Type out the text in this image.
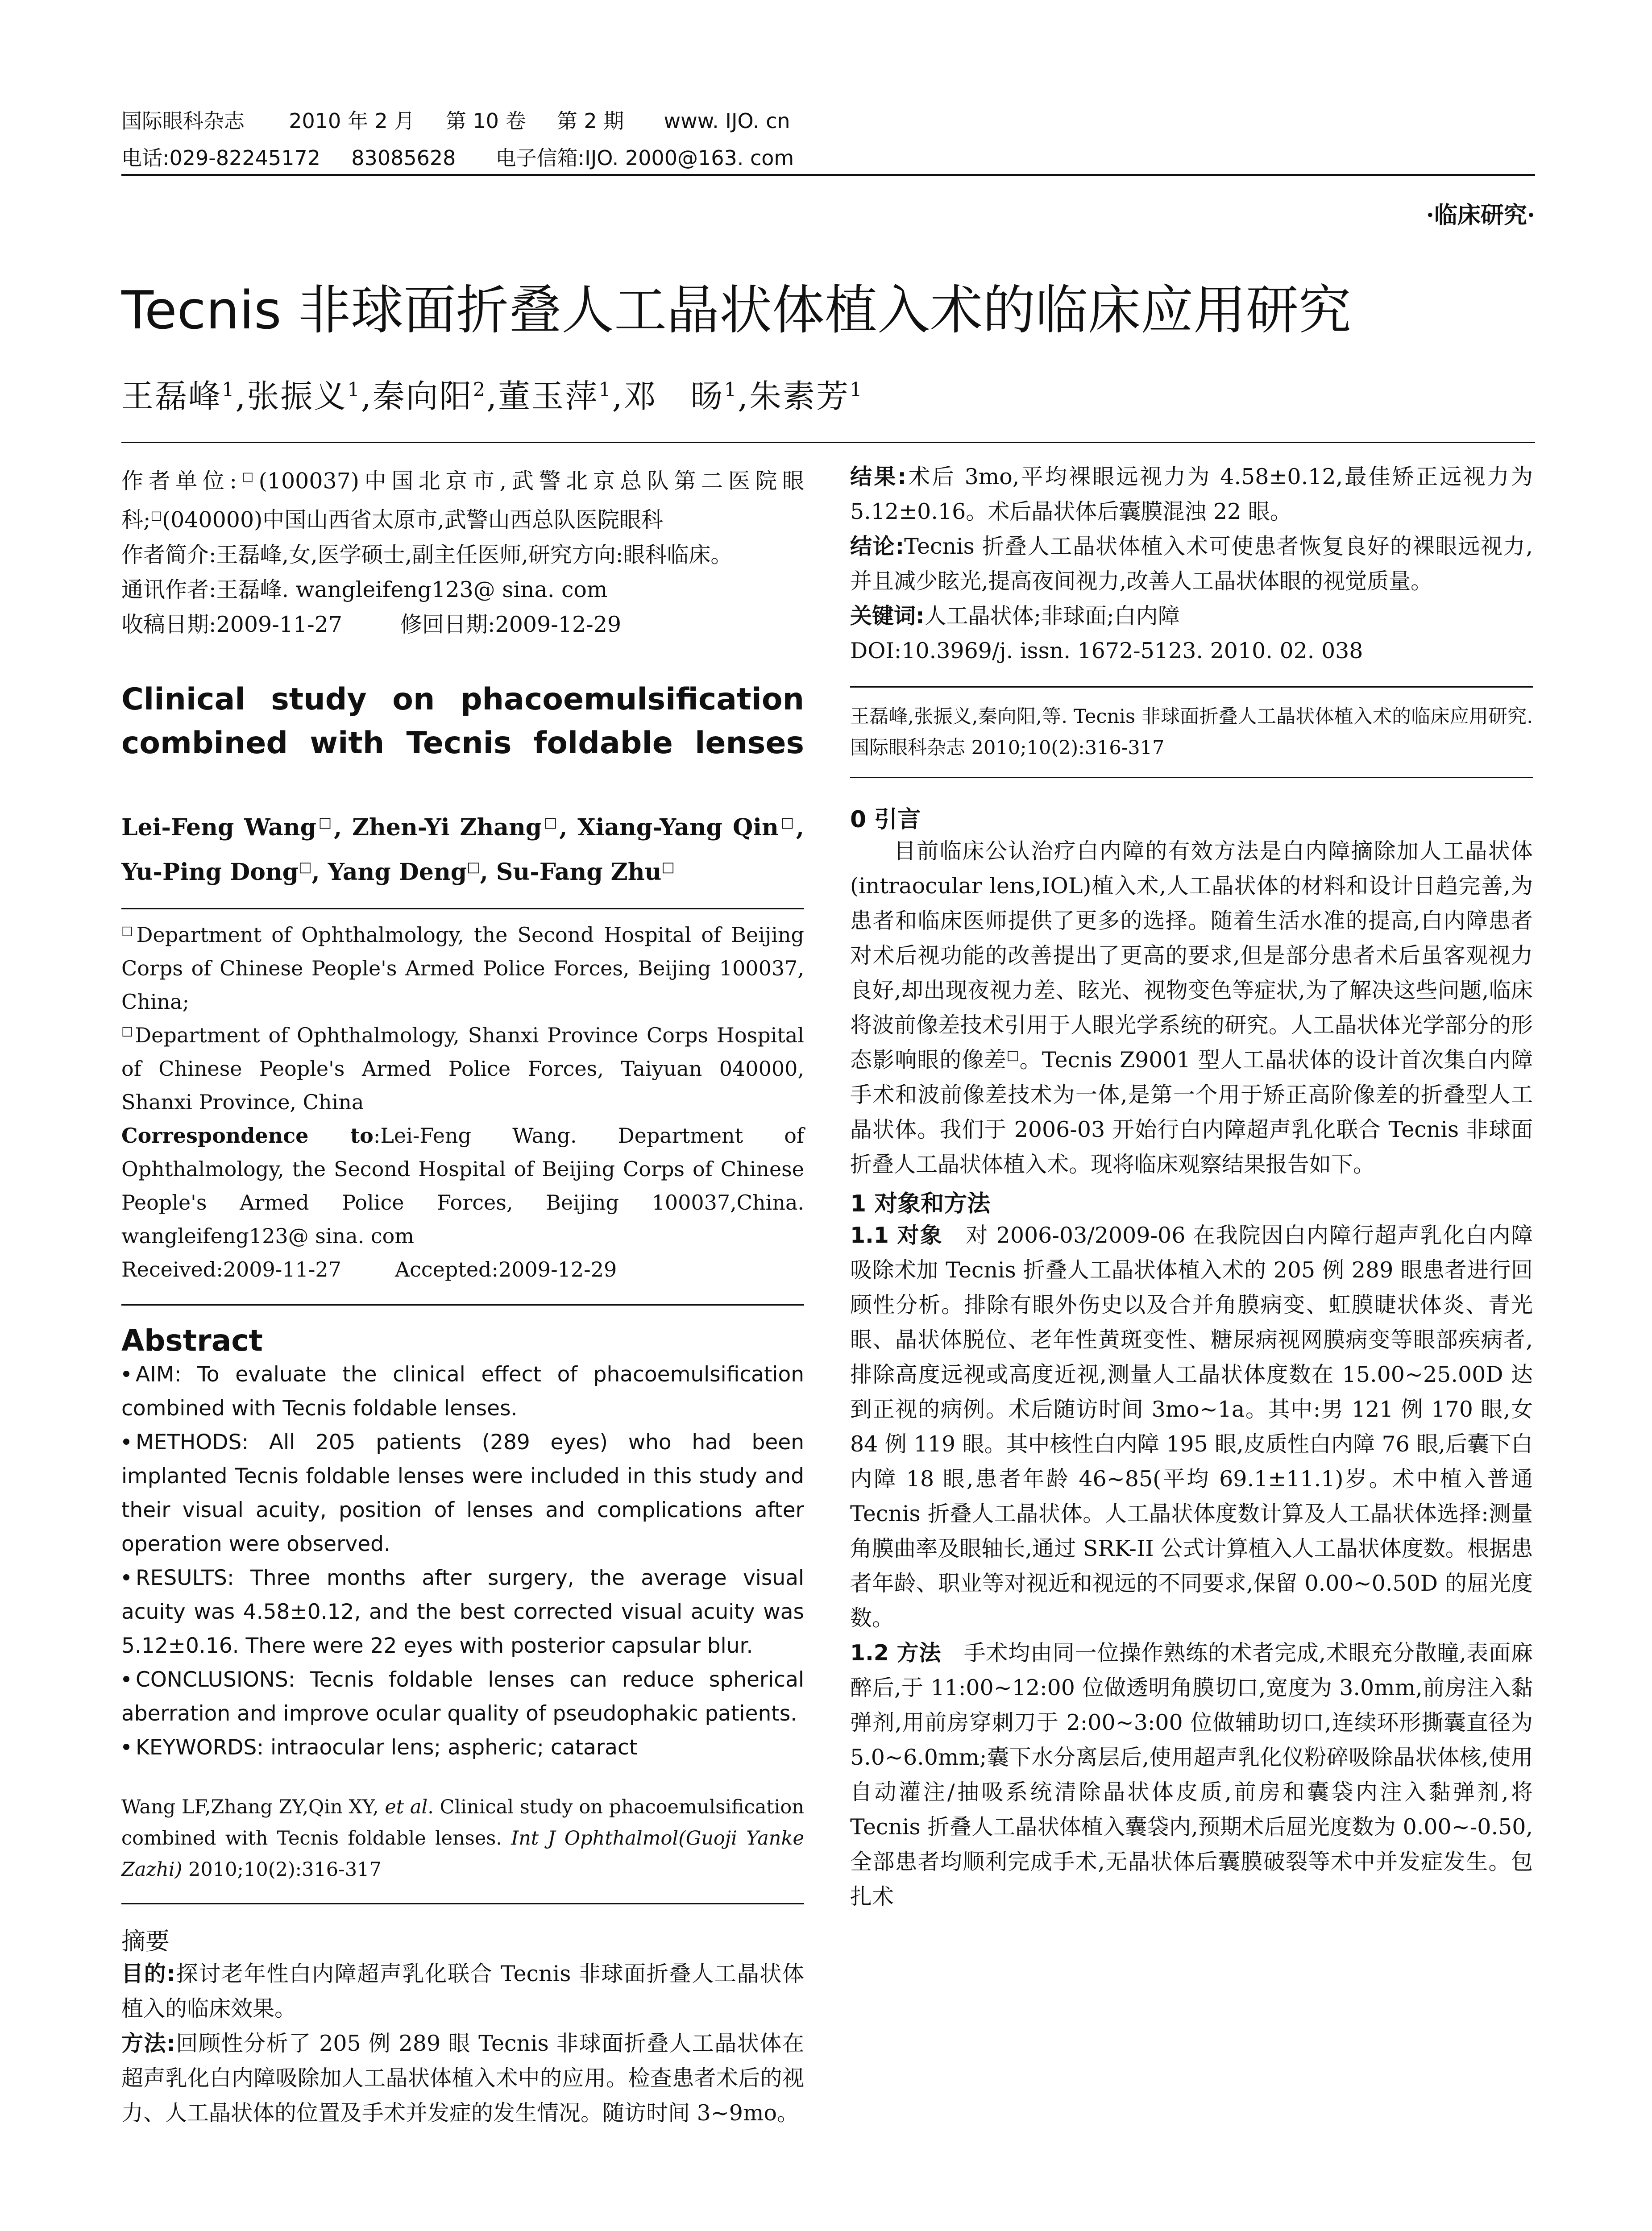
国际眼科杂志 2010 年 2 月 第 10 卷 第 2 期 www. IJO. cn
电话:029-82245172 83085628 电子信箱:IJO. 2000@163. com
·临床研究·
Tecnis 非球面折叠人工晶状体植入术的临床应用研究
王磊峰$^1$,张振义$^1$,秦向阳$^2$,董玉萍$^1$,邓　旸$^1$,朱素芳$^1$

作者单位:□(100037)中国北京市,武警北京总队第二医院眼科;□(040000)中国山西省太原市,武警山西总队医院眼科

作者简介:王磊峰,女,医学硕士,副主任医师,研究方向:眼科临床。

通讯作者:王磊峰. wangleifeng123@ sina. com

收稿日期:2009-11-27	修回日期:2009-12-29

Clinical study on phacoemulsification combined with Tecnis foldable lenses
Lei-Feng Wang□, Zhen-Yi Zhang□, Xiang-Yang Qin□, Yu-Ping Dong□, Yang Deng□, Su-Fang Zhu□

□Department of Ophthalmology, the Second Hospital of Beijing Corps of Chinese People's Armed Police Forces, Beijing 100037, China;

□Department of Ophthalmology, Shanxi Province Corps Hospital of Chinese People's Armed Police Forces, Taiyuan 040000, Shanxi Province, China

Correspondence to:Lei-Feng Wang. Department of Ophthalmology, the Second Hospital of Beijing Corps of Chinese People's Armed Police Forces, Beijing 100037,China. wangleifeng123@ sina. com

Received:2009-11-27	Accepted:2009-12-29

Abstract

AIM: To evaluate the clinical effect of phacoemulsification combined with Tecnis foldable lenses.

METHODS: All 205 patients (289 eyes) who had been implanted Tecnis foldable lenses were included in this study and their visual acuity, position of lenses and complications after operation were observed.

RESULTS: Three months after surgery, the average visual acuity was 4.58±0.12, and the best corrected visual acuity was 5.12±0.16. There were 22 eyes with posterior capsular blur.

CONCLUSIONS: Tecnis foldable lenses can reduce spherical aberration and improve ocular quality of pseudophakic patients.

KEYWORDS: intraocular lens; aspheric; cataract

Wang LF,Zhang ZY,Qin XY, et al. Clinical study on phacoemulsification combined with Tecnis foldable lenses. Int J Ophthalmol(Guoji Yanke Zazhi) 2010;10(2):316-317

摘要

目的:探讨老年性白内障超声乳化联合 Tecnis 非球面折叠人工晶状体植入的临床效果。

方法:回顾性分析了 205 例 289 眼 Tecnis 非球面折叠人工晶状体在超声乳化白内障吸除加人工晶状体植入术中的应用。检查患者术后的视力、人工晶状体的位置及手术并发症的发生情况。随访时间 3~9mo。

结果:术后 3mo,平均裸眼远视力为 4.58±0.12,最佳矫正远视力为 5.12±0.16。术后晶状体后囊膜混浊 22 眼。

结论:Tecnis 折叠人工晶状体植入术可使患者恢复良好的裸眼远视力,并且减少眩光,提高夜间视力,改善人工晶状体眼的视觉质量。

关键词:人工晶状体;非球面;白内障

DOI:10.3969/j. issn. 1672-5123. 2010. 02. 038

王磊峰,张振义,秦向阳,等. Tecnis 非球面折叠人工晶状体植入术的临床应用研究. 国际眼科杂志 2010;10(2):316-317

0 引言

目前临床公认治疗白内障的有效方法是白内障摘除加人工晶状体(intraocular lens,IOL)植入术,人工晶状体的材料和设计日趋完善,为患者和临床医师提供了更多的选择。随着生活水准的提高,白内障患者对术后视功能的改善提出了更高的要求,但是部分患者术后虽客观视力良好,却出现夜视力差、眩光、视物变色等症状,为了解决这些问题,临床将波前像差技术引用于人眼光学系统的研究。人工晶状体光学部分的形态影响眼的像差□。Tecnis Z9001 型人工晶状体的设计首次集白内障手术和波前像差技术为一体,是第一个用于矫正高阶像差的折叠型人工晶状体。我们于 2006-03 开始行白内障超声乳化联合 Tecnis 非球面折叠人工晶状体植入术。现将临床观察结果报告如下。

1 对象和方法

1.1 对象 对 2006-03/2009-06 在我院因白内障行超声乳化白内障吸除术加 Tecnis 折叠人工晶状体植入术的 205 例 289 眼患者进行回顾性分析。排除有眼外伤史以及合并角膜病变、虹膜睫状体炎、青光眼、晶状体脱位、老年性黄斑变性、糖尿病视网膜病变等眼部疾病者,排除高度远视或高度近视,测量人工晶状体度数在 15.00~25.00D 达到正视的病例。术后随访时间 3mo~1a。其中:男 121 例 170 眼,女 84 例 119 眼。其中核性白内障 195 眼,皮质性白内障 76 眼,后囊下白内障 18 眼,患者年龄 46~85(平均 69.1±11.1)岁。术中植入普通 Tecnis 折叠人工晶状体。人工晶状体度数计算及人工晶状体选择:测量角膜曲率及眼轴长,通过 SRK-II 公式计算植入人工晶状体度数。根据患者年龄、职业等对视近和视远的不同要求,保留 0.00~0.50D 的屈光度数。

1.2 方法 手术均由同一位操作熟练的术者完成,术眼充分散瞳,表面麻醉后,于 11:00~12:00 位做透明角膜切口,宽度为 3.0mm,前房注入黏弹剂,用前房穿刺刀于 2:00~3:00 位做辅助切口,连续环形撕囊直径为 5.0~6.0mm;囊下水分离层后,使用超声乳化仪粉碎吸除晶状体核,使用自动灌注/抽吸系统清除晶状体皮质,前房和囊袋内注入黏弹剂,将 Tecnis 折叠人工晶状体植入囊袋内,预期术后屈光度数为 0.00~-0.50,全部患者均顺利完成手术,无晶状体后囊膜破裂等术中并发症发生。包扎术
